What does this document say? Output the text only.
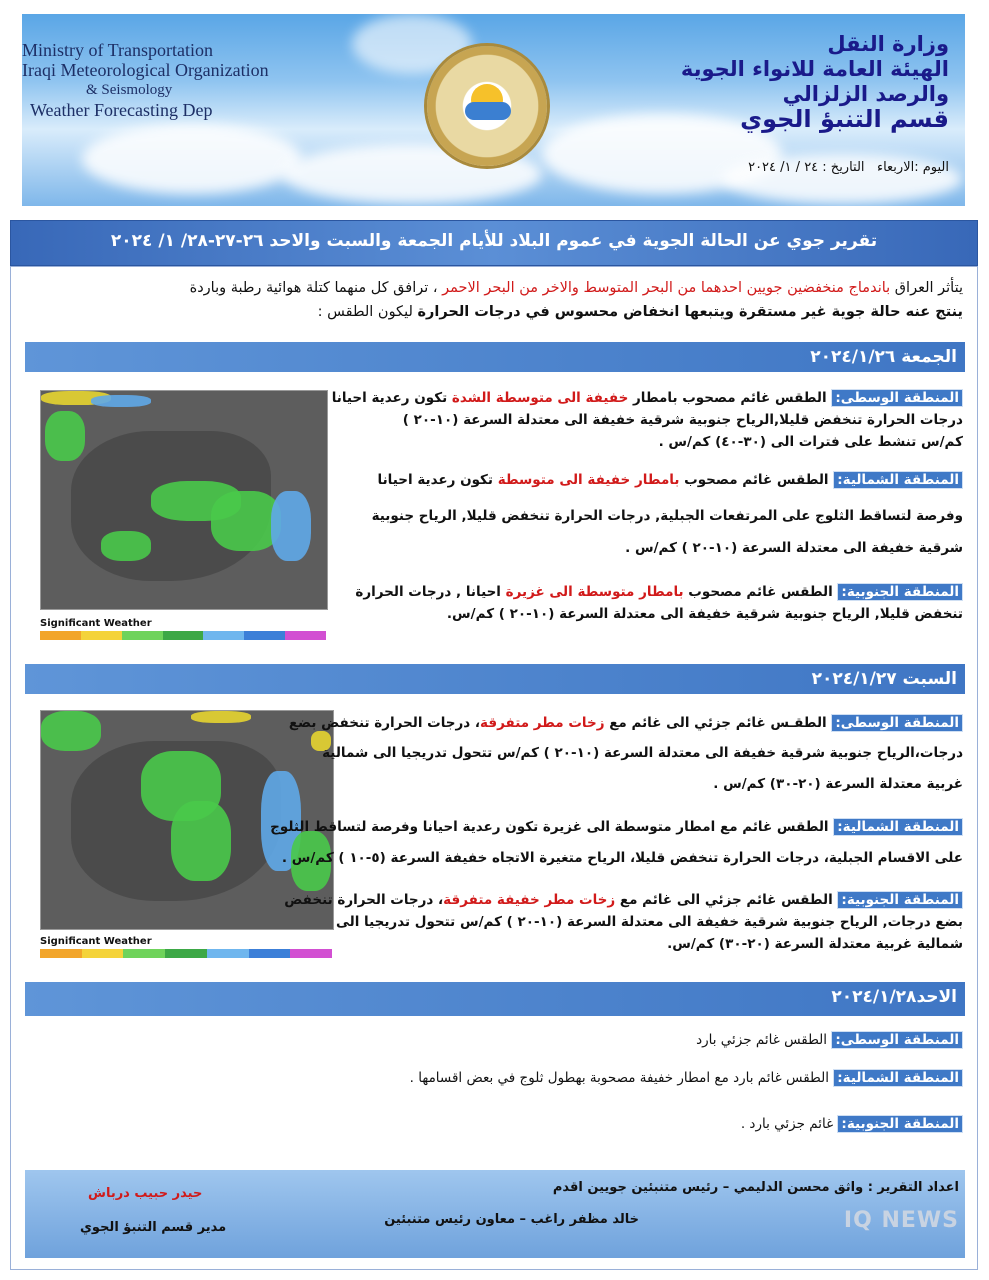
Ministry of Transportation
Iraqi Meteorological Organization
& Seismology
Weather Forecasting Dep
وزارة النقل
الهيئة العامة للانواء الجوية
والرصد الزلزالي
قسم التنبؤ الجوي
اليوم :الاربعاء   التاريخ : ٢٤ / ١/ ٢٠٢٤
تقرير جوي عن الحالة الجوية في عموم البلاد للأيام الجمعة والسبت والاحد ٢٦-٢٧-٢٨/ ١/ ٢٠٢٤
يتأثر العراق باندماج منخفضين جويين احدهما من البحر المتوسط والاخر من البحر الاحمر ، ترافق كل منهما كتلة هوائية رطبة وباردة
ينتج عنه حالة جوية غير مستقرة ويتبعها انخفاض محسوس في درجات الحرارة ليكون الطقس :
الجمعة ٢٠٢٤/١/٢٦
Significant Weather
المنطقة الوسطى: الطقس غائم مصحوب بامطار خفيفة الى متوسطة الشدة تكون رعدية احيانا
درجات الحرارة تنخفض قليلا,الرياح جنوبية شرقية خفيفة الى معتدلة السرعة (١٠-٢٠ )
كم/س تنشط على فترات الى (٣٠-٤٠) كم/س .
المنطقة الشمالية: الطقس غائم مصحوب بامطار خفيفة الى متوسطة تكون رعدية احيانا
وفرصة لتساقط الثلوج على المرتفعات الجبلية, درجات الحرارة تنخفض قليلا, الرياح جنوبية
شرقية خفيفة الى معتدلة السرعة (١٠-٢٠ ) كم/س .
المنطقة الجنوبية: الطقس غائم مصحوب بامطار متوسطة الى غزيرة احيانا , درجات الحرارة
تنخفض قليلا, الرياح جنوبية شرقية خفيفة الى معتدلة السرعة (١٠-٢٠ ) كم/س.
السبت ٢٠٢٤/١/٢٧
Significant Weather
المنطقة الوسطى: الطقـس غائم جزئي الى غائم مع زخات مطر متفرقة، درجات الحرارة تنخفض بضع
درجات،الرياح جنوبية شرقية خفيفة الى معتدلة السرعة (١٠-٢٠ ) كم/س تتحول تدريجيا الى شمالية
غربية معتدلة السرعة (٢٠-٣٠) كم/س .
المنطقة الشمالية: الطقس غائم مع امطار متوسطة الى غزيرة تكون رعدية احيانا وفرصة لتساقط الثلوج
على الاقسام الجبلية، درجات الحرارة تنخفض قليلا، الرياح متغيرة الاتجاه خفيفة السرعة (٥-١٠ ) كم/س .
المنطقة الجنوبية: الطقس غائم جزئي الى غائم مع زخات مطر خفيفة متفرقة، درجات الحرارة تنخفض
بضع درجات, الرياح جنوبية شرقية خفيفة الى معتدلة السرعة (١٠-٢٠ ) كم/س تتحول تدريجيا الى
شمالية غربية معتدلة السرعة (٢٠-٣٠) كم/س.
الاحد٢٠٢٤/١/٢٨
المنطقة الوسطى: الطقس غائم جزئي بارد
المنطقة الشمالية: الطقس غائم بارد مع امطار خفيفة مصحوبة بهطول ثلوج في بعض اقسامها .
المنطقة الجنوبية: غائم جزئي بارد .
اعداد التقرير : واثق محسن الدليمي – رئيس متنبئين جويين اقدم
خالد مظفر راغب – معاون رئيس متنبئين
حيدر حبيب درباش
مدير قسم التنبؤ الجوي	IQ NEWS
